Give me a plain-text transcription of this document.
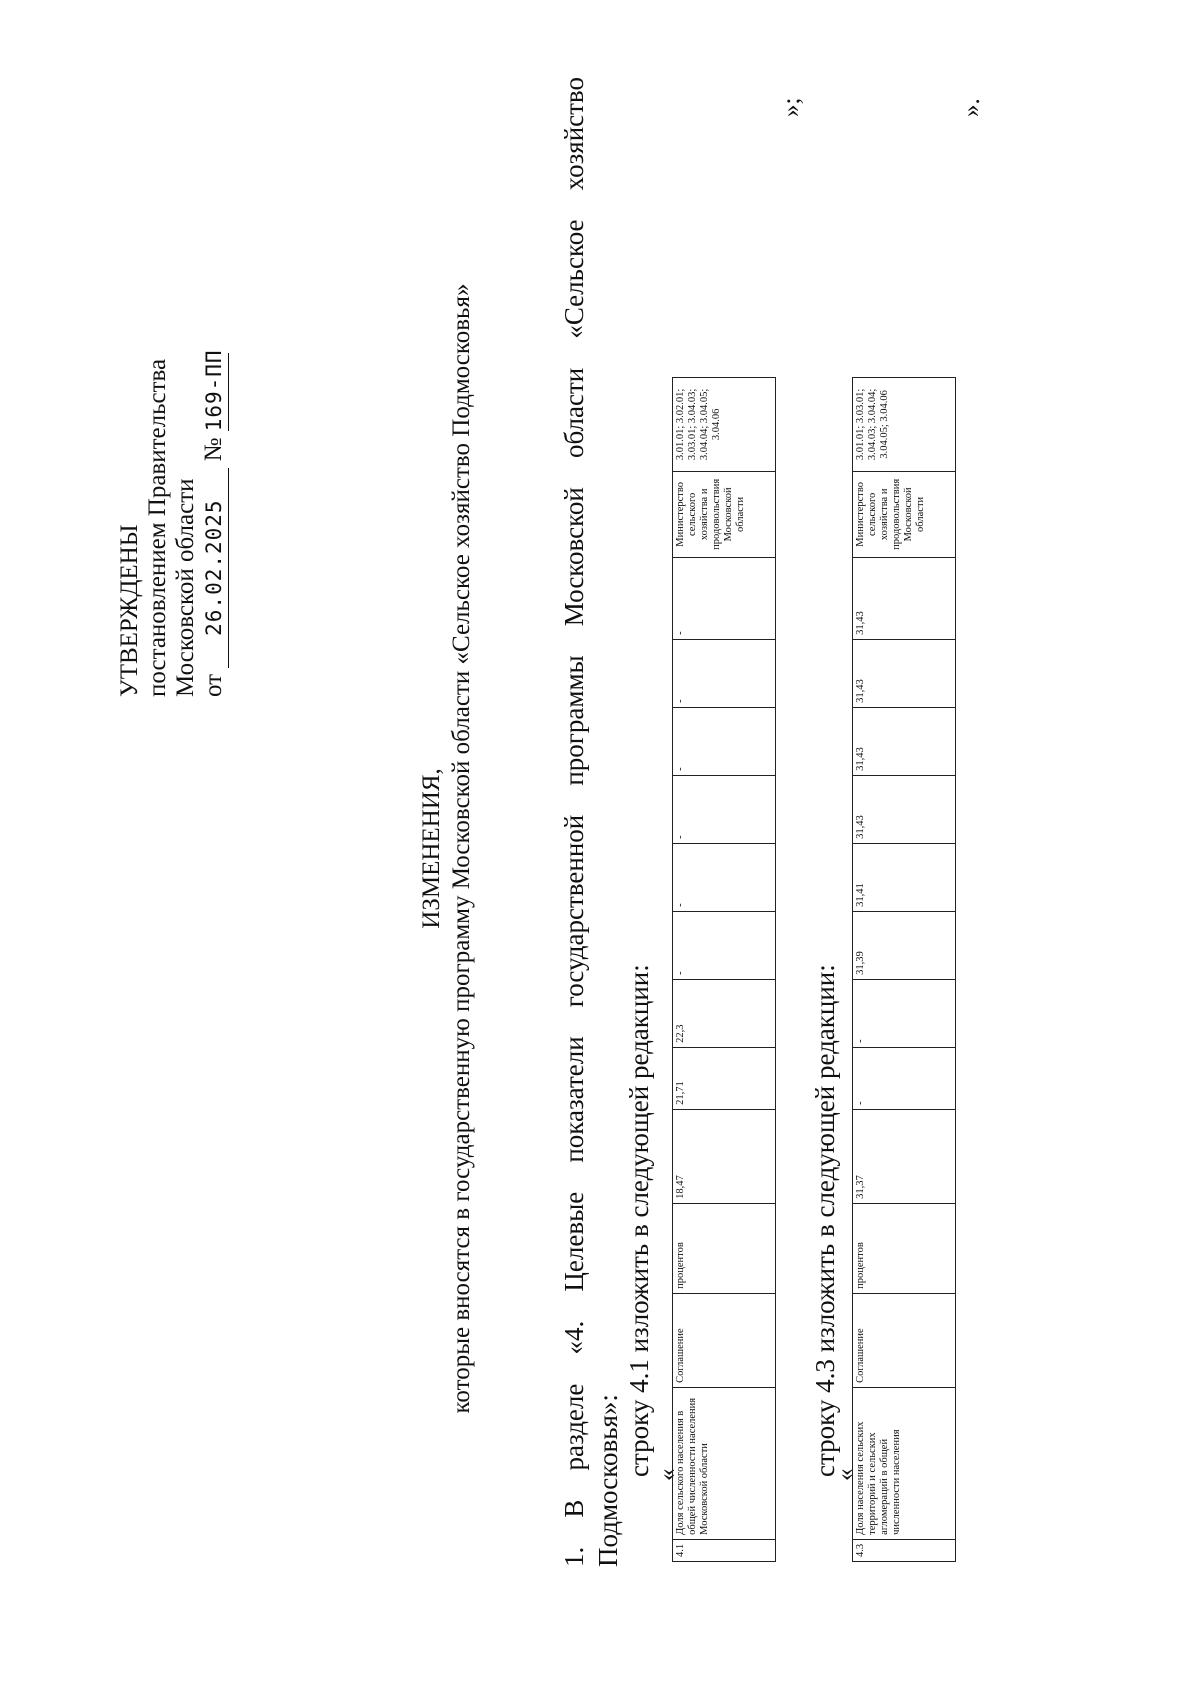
УТВЕРЖДЕНЫ постановлением Правительства Московской области от 26.02.2025 № 169-ПП
ИЗМЕНЕНИЯ, которые вносятся в государственную программу Московской области «Сельское хозяйство Подмосковья»	1. В разделе «4. Целевые показатели государственной программы Московской области «Сельское хозяйство Подмосковья»:
строку 4.1 изложить в следующей редакции: «
4.1	Доля сельского населения в общей численности населения Московской области	Соглашение	процентов	18,47	21,71	22,3	-	-	-	-	-	-	Министерство сельского хозяйства и продовольствия Московской области	3.01.01; 3.02.01; 3.03.01; 3.04.03; 3.04.04; 3.04.05; 3.04.06
»;
строку 4.3 изложить в следующей редакции:
«
4.3	Доля населения сельских территорий и сельских агломераций в общей численности населения	Соглашение	процентов	31,37	-	-	31,39	31,41	31,43	31,43	31,43	31,43	Министерство сельского хозяйства и продовольствия Московской области	3.01.01; 3.03.01; 3.04.03; 3.04.04; 3.04.05; 3.04.06
».
